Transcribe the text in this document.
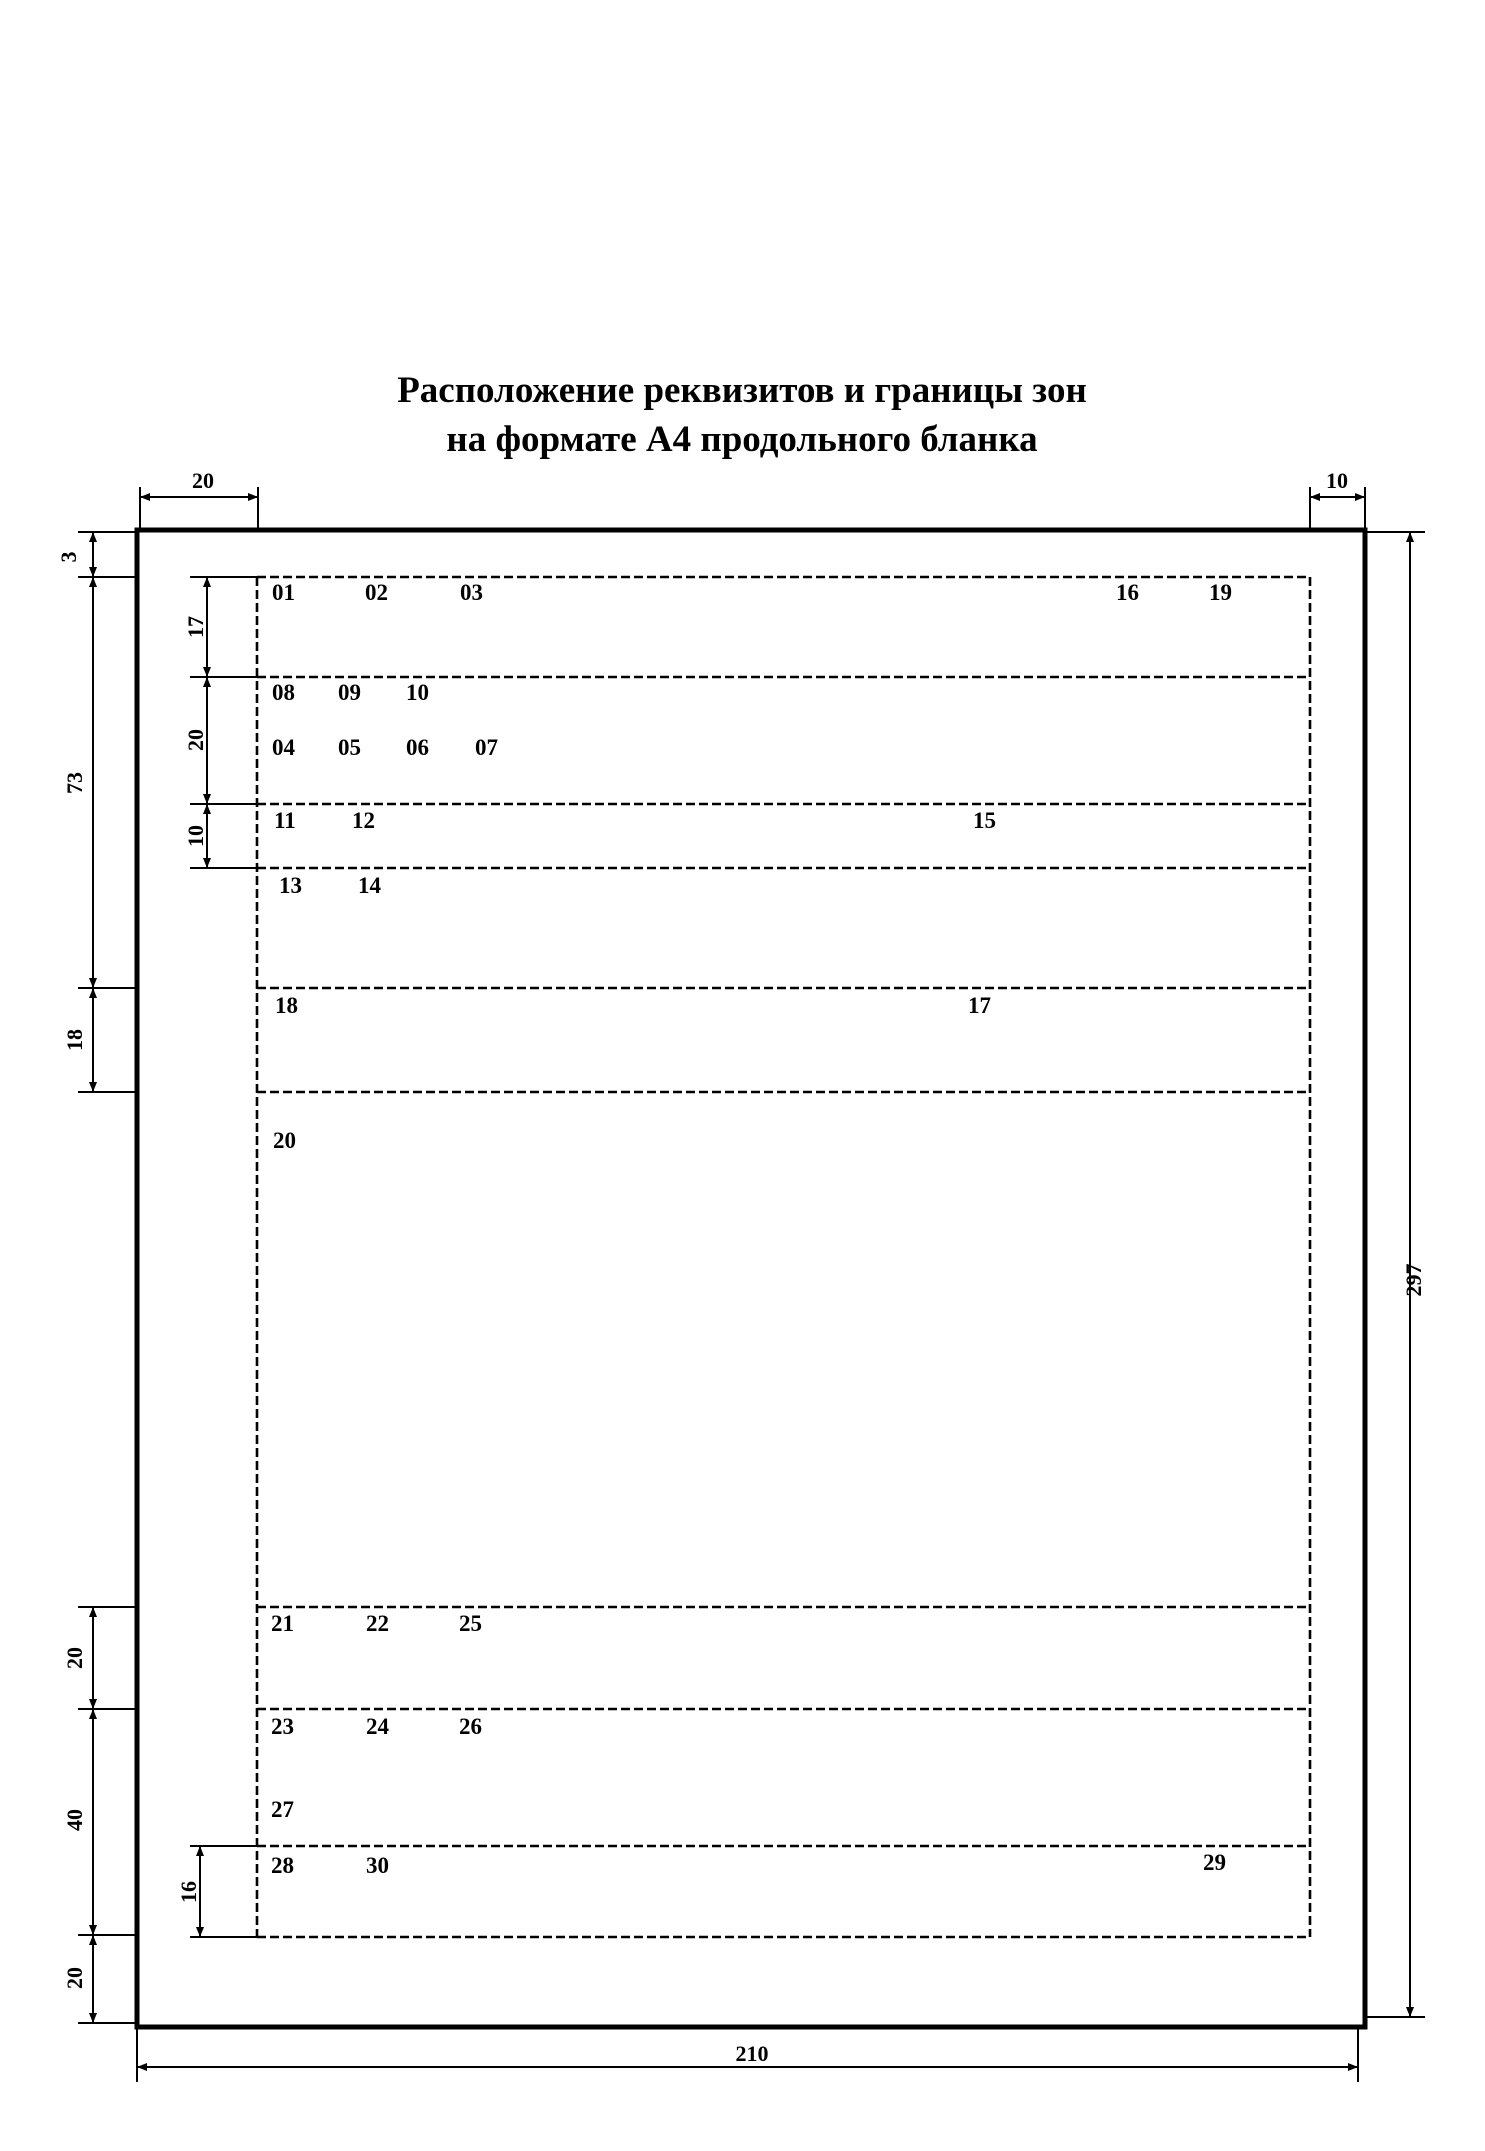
Расположение реквизитов и границы зон
на формате А4 продольного бланка
20	10
3
73
18
20
40
20
17
20
10
16
297
210
01	02	03	16	19
08 09 10
04 05 06 07
11 12	15
13 14
18	17
20
21	22	25
23	24	26
27
28	30	29
